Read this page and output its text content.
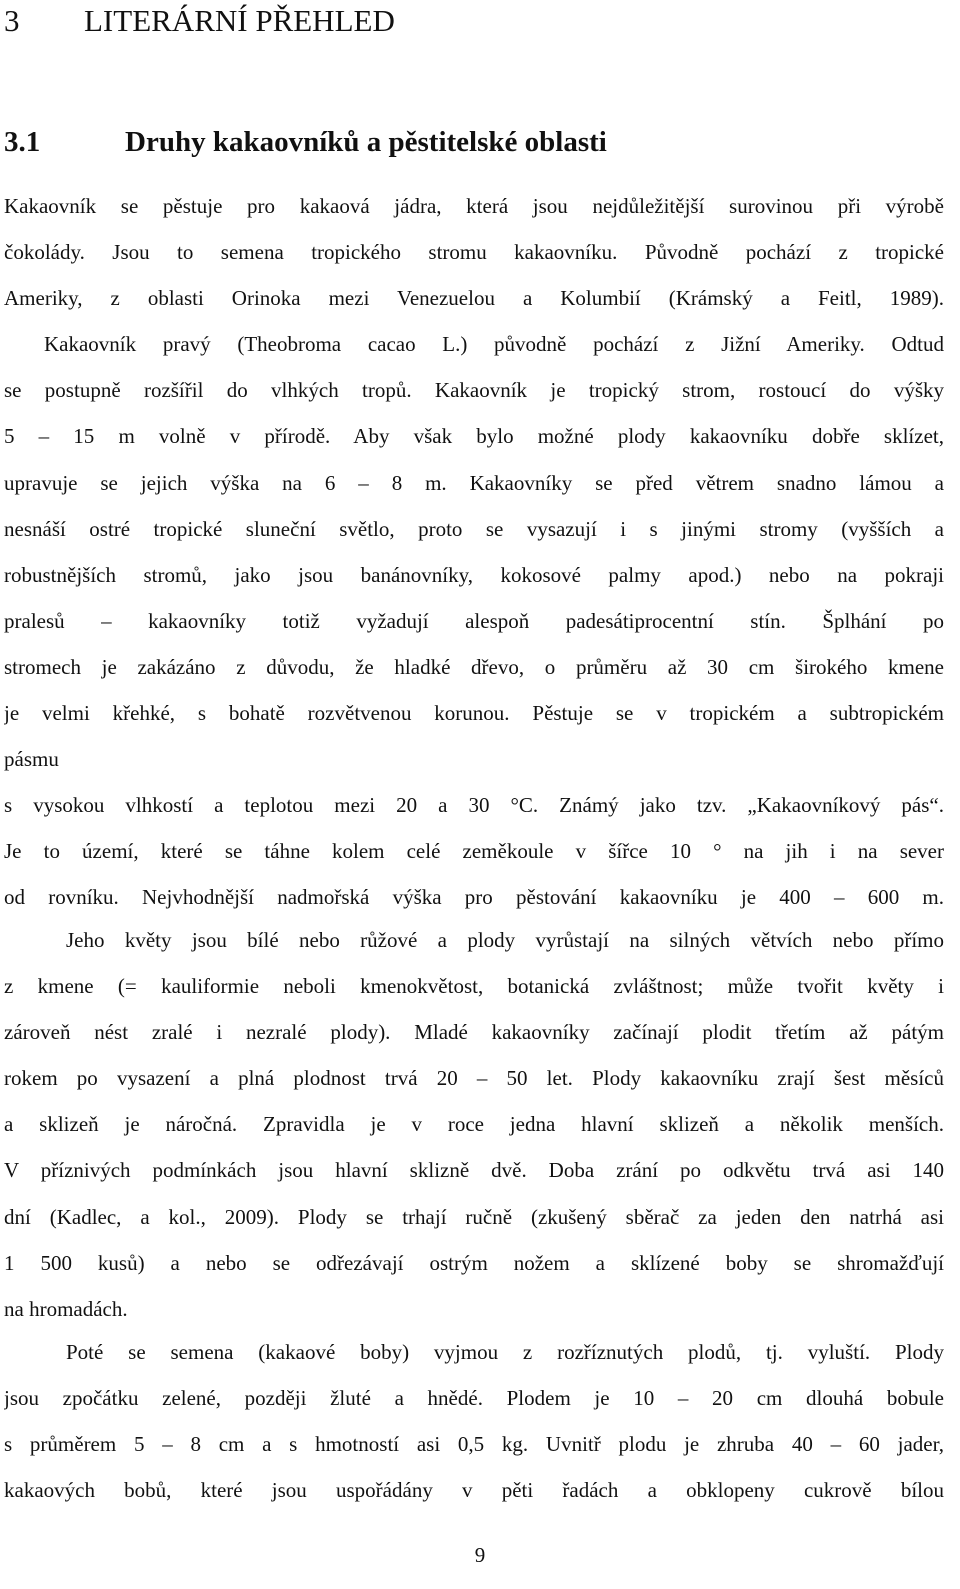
3 LITERÁRNÍ PŘEHLED
3.1	Druhy kakaovníků a pěstitelské oblasti
Kakaovník se pěstuje pro kakaová jádra, která jsou nejdůležitější surovinou při výrobě
čokolády. Jsou to semena tropického stromu kakaovníku. Původně pochází z tropické
Ameriky, z oblasti Orinoka mezi Venezuelou a Kolumbií (Krámský a Feitl, 1989).
Kakaovník pravý (Theobroma cacao L.) původně pochází z Jižní Ameriky. Odtud
se postupně rozšířil do vlhkých tropů. Kakaovník je tropický strom, rostoucí do výšky
5 – 15 m volně v přírodě. Aby však bylo možné plody kakaovníku dobře sklízet,
upravuje se jejich výška na 6 – 8 m. Kakaovníky se před větrem snadno lámou a
nesnáší ostré tropické sluneční světlo, proto se vysazují i s jinými stromy (vyšších a
robustnějších stromů, jako jsou banánovníky, kokosové palmy apod.) nebo na pokraji
pralesů – kakaovníky totiž vyžadují alespoň padesátiprocentní stín. Šplhání po
stromech je zakázáno z důvodu, že hladké dřevo, o průměru až 30 cm širokého kmene
je velmi křehké, s bohatě rozvětvenou korunou. Pěstuje se v tropickém a subtropickém
pásmu
s vysokou vlhkostí a teplotou mezi 20 a 30 °C. Známý jako tzv. „Kakaovníkový pás“.
Je to území, které se táhne kolem celé zeměkoule v šířce 10 ° na jih i na sever
od rovníku. Nejvhodnější nadmořská výška pro pěstování kakaovníku je 400 – 600 m.
Jeho květy jsou bílé nebo růžové a plody vyrůstají na silných větvích nebo přímo
z kmene (= kauliformie neboli kmenokvětost, botanická zvláštnost; může tvořit květy i
zároveň nést zralé i nezralé plody). Mladé kakaovníky začínají plodit třetím až pátým
rokem po vysazení a plná plodnost trvá 20 – 50 let. Plody kakaovníku zrají šest měsíců
a sklizeň je náročná. Zpravidla je v roce jedna hlavní sklizeň a několik menších.
V příznivých podmínkách jsou hlavní sklizně dvě. Doba zrání po odkvětu trvá asi 140
dní (Kadlec, a kol., 2009). Plody se trhají ručně (zkušený sběrač za jeden den natrhá asi
1 500 kusů) a nebo se odřezávají ostrým nožem a sklízené boby se shromažďují
na hromadách.
Poté se semena (kakaové boby) vyjmou z rozříznutých plodů, tj. vyluští. Plody
jsou zpočátku zelené, později žluté a hnědé. Plodem je 10 – 20 cm dlouhá bobule
s průměrem 5 – 8 cm a s hmotností asi 0,5 kg. Uvnitř plodu je zhruba 40 – 60 jader,
kakaových bobů, které jsou uspořádány v pěti řadách a obklopeny cukrově bílou
9
